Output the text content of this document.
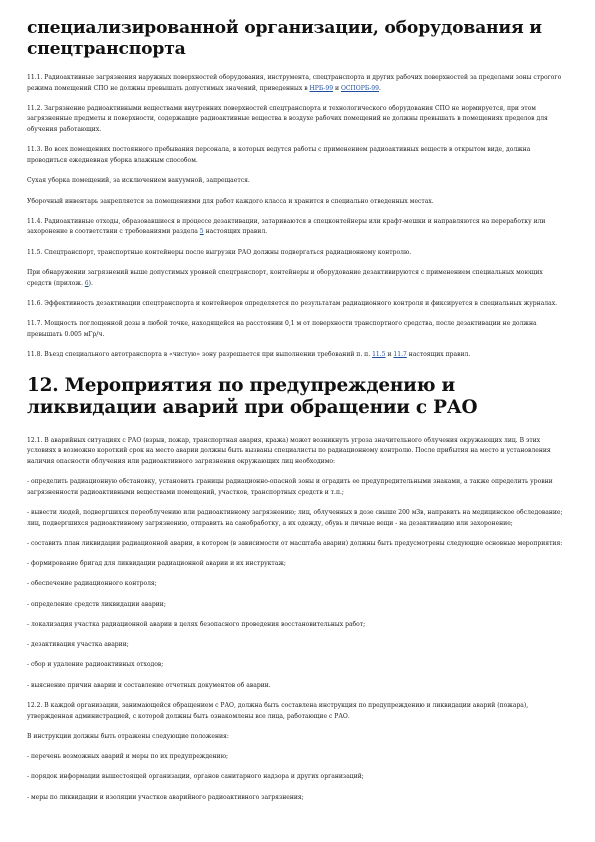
специализированной организации, оборудования и спецтранспорта

11.1. Радиоактивные загрязнения наружных поверхностей оборудования, инструмента, спецтранспорта и других рабочих поверхностей за пределами зоны строгого режима помещений СПО не должны превышать допустимых значений, приведенных в НРБ-99 и ОСПОРБ-99.

11.2. Загрязнение радиоактивными веществами внутренних поверхностей спецтранспорта и технологического оборудования СПО не нормируется, при этом загрязненные предметы и поверхности, содержащие радиоактивные вещества в воздухе рабочих помещений не должны превышать в помещениях пределов для обучения работающих.

11.3. Во всех помещениях постоянного пребывания персонала, в которых ведутся работы с применением радиоактивных веществ в открытом виде, должна проводиться ежедневная уборка влажным способом.

Сухая уборка помещений, за исключением вакуумной, запрещается.

Уборочный инвентарь закрепляется за помещениями для работ каждого класса и хранится в специально отведенных местах.

11.4. Радиоактивные отходы, образовавшиеся в процессе дезактивации, затариваются в спецконтейнеры или крафт-мешки и направляются на переработку или захоронение в соответствии с требованиями раздела 5 настоящих правил.

11.5. Спецтранспорт, транспортные контейнеры после выгрузки РАО должны подвергаться радиационному контролю.

При обнаружении загрязнений выше допустимых уровней спецтранспорт, контейнеры и оборудование дезактивируются с применением специальных моющих средств (прилож. 6).

11.6. Эффективность дезактивации спецтранспорта и контейнеров определяется по результатам радиационного контроля и фиксируется в специальных журналах.

11.7. Мощность поглощенной дозы в любой точке, находящейся на расстоянии 0,1 м от поверхности транспортного средства, после дезактивации не должна превышать 0.005 мГр/ч.

11.8. Въезд специального автотранспорта в «чистую» зону разрешается при выполнении требований п. п. 11.5 и 11.7 настоящих правил.

12. Мероприятия по предупреждению и ликвидации аварий при обращении с РАО

12.1. В аварийных ситуациях с РАО (взрыв, пожар, транспортная авария, кража) может возникнуть угроза значительного облучения окружающих лиц. В этих условиях в возможно короткий срок на место аварии должны быть вызваны специалисты по радиационному контролю. После прибытия на место и установления наличия опасности облучения или радиоактивного загрязнения окружающих лиц необходимо:

- определить радиационную обстановку, установить границы радиационно-опасной зоны и оградить ее предупредительными знаками, а также определить уровни загрязненности радиоактивными веществами помещений, участков, транспортных средств и т.п.;

- вывести людей, подвергшихся переоблучению или радиоактивному загрязнению; лиц, облученных в дозе свыше 200 мЗв, направить на медицинское обследование; лиц, подвергшихся радиоактивному загрязнению, отправить на санобработку, а их одежду, обувь и личные вещи - на дезактивацию или захоронение;

- составить план ликвидации радиационной аварии, в котором (в зависимости от масштаба аварии) должны быть предусмотрены следующие основные мероприятия:

- формирование бригад для ликвидации радиационной аварии и их инструктаж;

- обеспечение радиационного контроля;

- определение средств ликвидации аварии;

- локализация участка радиационной аварии в целях безопасного проведения восстановительных работ;

- дезактивация участка аварии;

- сбор и удаление радиоактивных отходов;

- выяснение причин аварии и составление отчетных документов об аварии.

12.2. В каждой организации, занимающейся обращением с РАО, должна быть составлена инструкция по предупреждению и ликвидации аварий (пожара), утвержденная администрацией, с которой должны быть ознакомлены все лица, работающие с РАО.

В инструкции должны быть отражены следующие положения:

- перечень возможных аварий и меры по их предупреждению;

- порядок информации вышестоящей организации, органов санитарного надзора и других организаций;

- меры по ликвидации и изоляции участков аварийного радиоактивного загрязнения;
